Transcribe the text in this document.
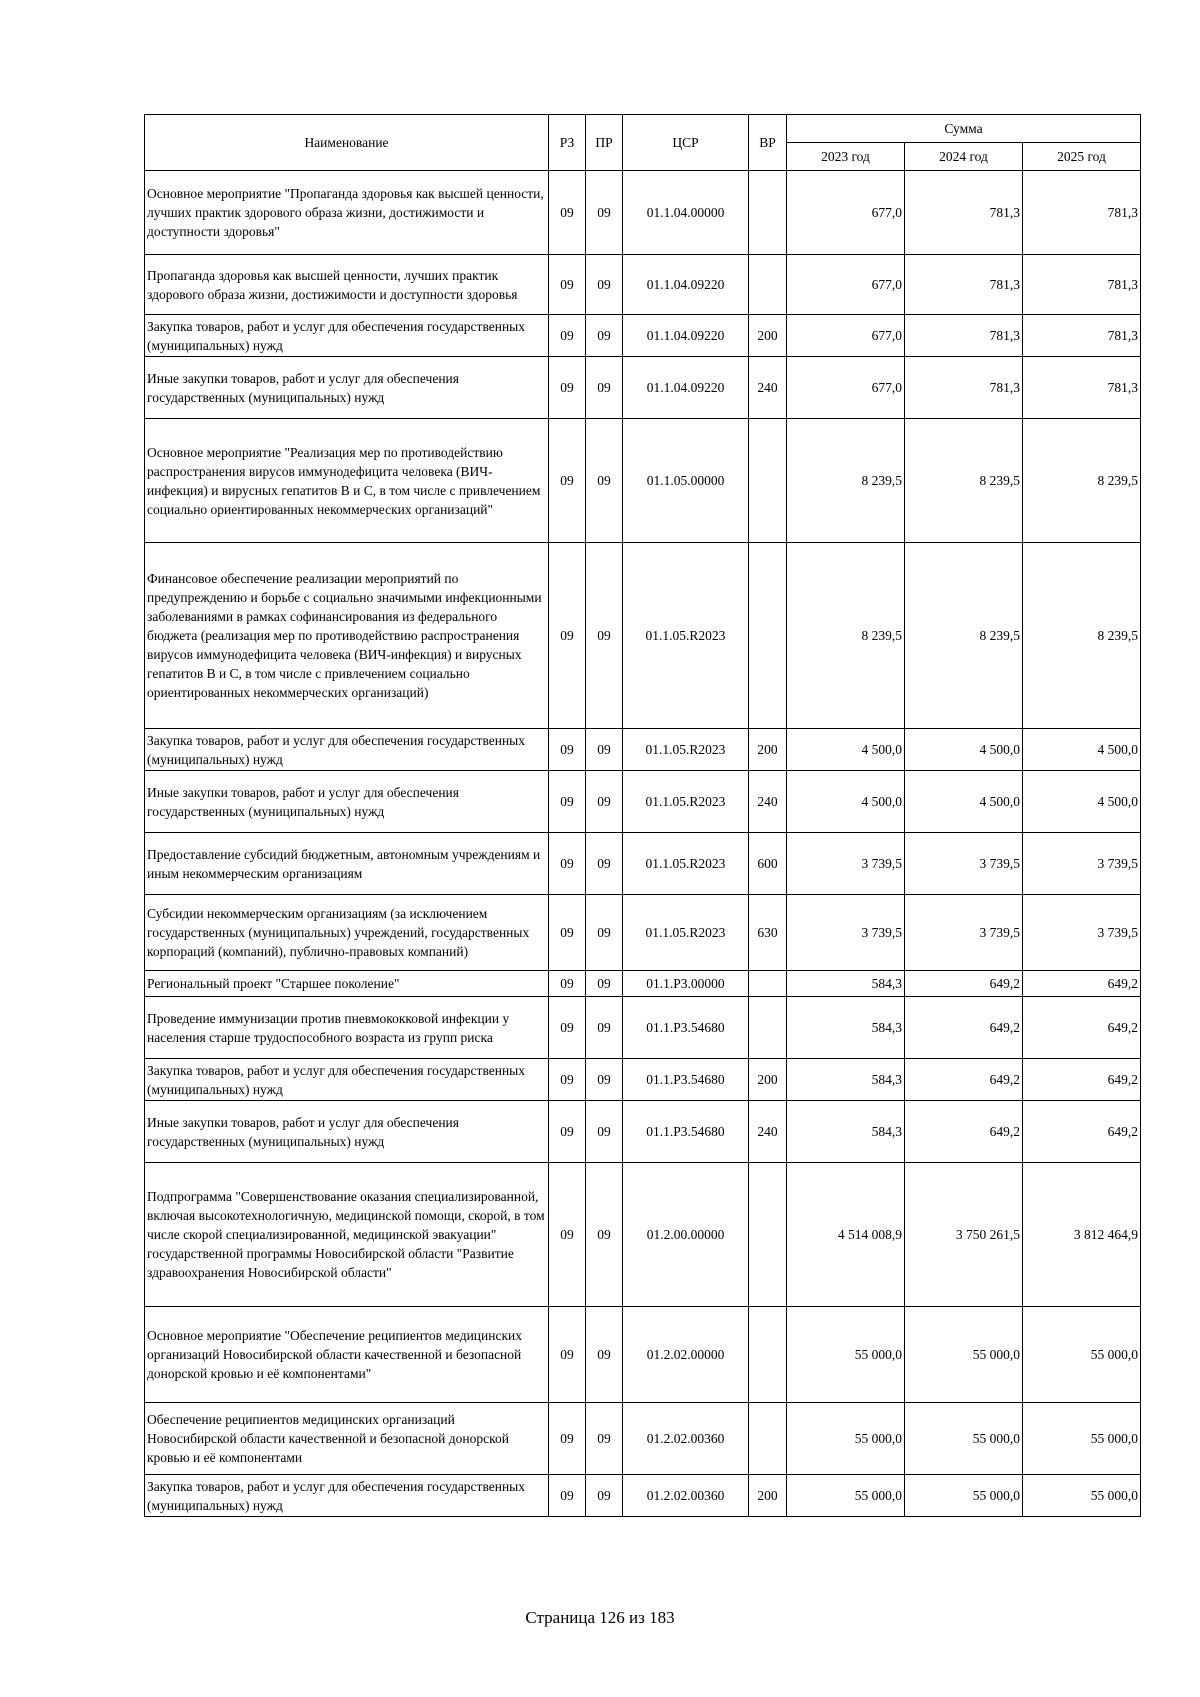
Наименование	РЗ	ПР	ЦСР	ВР	Сумма		
					2023 год	2024 год	2025 год
Основное мероприятие "Пропаганда здоровья как высшей ценности, лучших практик здорового образа жизни, достижимости и доступности здоровья"	09	09	01.1.04.00000		677,0	781,3	781,3
Пропаганда здоровья как высшей ценности, лучших практик здорового образа жизни, достижимости и доступности здоровья	09	09	01.1.04.09220		677,0	781,3	781,3
Закупка товаров, работ и услуг для обеспечения государственных (муниципальных) нужд	09	09	01.1.04.09220	200	677,0	781,3	781,3
Иные закупки товаров, работ и услуг для обеспечения государственных (муниципальных) нужд	09	09	01.1.04.09220	240	677,0	781,3	781,3
Основное мероприятие "Реализация мер по противодействию распространения вирусов иммунодефицита человека (ВИЧ-инфекция) и вирусных гепатитов В и С, в том числе с привлечением социально ориентированных некоммерческих организаций"	09	09	01.1.05.00000		8 239,5	8 239,5	8 239,5
Финансовое обеспечение реализации мероприятий по предупреждению и борьбе с социально значимыми инфекционными заболеваниями в рамках софинансирования из федерального бюджета (реализация мер по противодействию распространения вирусов иммунодефицита человека (ВИЧ-инфекция) и вирусных гепатитов В и С, в том числе с привлечением социально ориентированных некоммерческих организаций)	09	09	01.1.05.R2023		8 239,5	8 239,5	8 239,5
Закупка товаров, работ и услуг для обеспечения государственных (муниципальных) нужд	09	09	01.1.05.R2023	200	4 500,0	4 500,0	4 500,0
Иные закупки товаров, работ и услуг для обеспечения государственных (муниципальных) нужд	09	09	01.1.05.R2023	240	4 500,0	4 500,0	4 500,0
Предоставление субсидий бюджетным, автономным учреждениям и иным некоммерческим организациям	09	09	01.1.05.R2023	600	3 739,5	3 739,5	3 739,5
Субсидии некоммерческим организациям (за исключением государственных (муниципальных) учреждений, государственных корпораций (компаний), публично-правовых компаний)	09	09	01.1.05.R2023	630	3 739,5	3 739,5	3 739,5
Региональный проект "Старшее поколение"	09	09	01.1.P3.00000		584,3	649,2	649,2
Проведение иммунизации против пневмококковой инфекции у населения старше трудоспособного возраста из групп риска	09	09	01.1.P3.54680		584,3	649,2	649,2
Закупка товаров, работ и услуг для обеспечения государственных (муниципальных) нужд	09	09	01.1.P3.54680	200	584,3	649,2	649,2
Иные закупки товаров, работ и услуг для обеспечения государственных (муниципальных) нужд	09	09	01.1.P3.54680	240	584,3	649,2	649,2
Подпрограмма "Совершенствование оказания специализированной, включая высокотехнологичную, медицинской помощи, скорой, в том числе скорой специализированной, медицинской эвакуации" государственной программы Новосибирской области "Развитие здравоохранения Новосибирской области"	09	09	01.2.00.00000		4 514 008,9	3 750 261,5	3 812 464,9
Основное мероприятие "Обеспечение реципиентов медицинских организаций Новосибирской области качественной и безопасной донорской кровью и её компонентами"	09	09	01.2.02.00000		55 000,0	55 000,0	55 000,0
Обеспечение реципиентов медицинских организаций Новосибирской области качественной и безопасной донорской кровью и её компонентами	09	09	01.2.02.00360		55 000,0	55 000,0	55 000,0
Закупка товаров, работ и услуг для обеспечения государственных (муниципальных) нужд	09	09	01.2.02.00360	200	55 000,0	55 000,0	55 000,0
Страница 126 из 183
